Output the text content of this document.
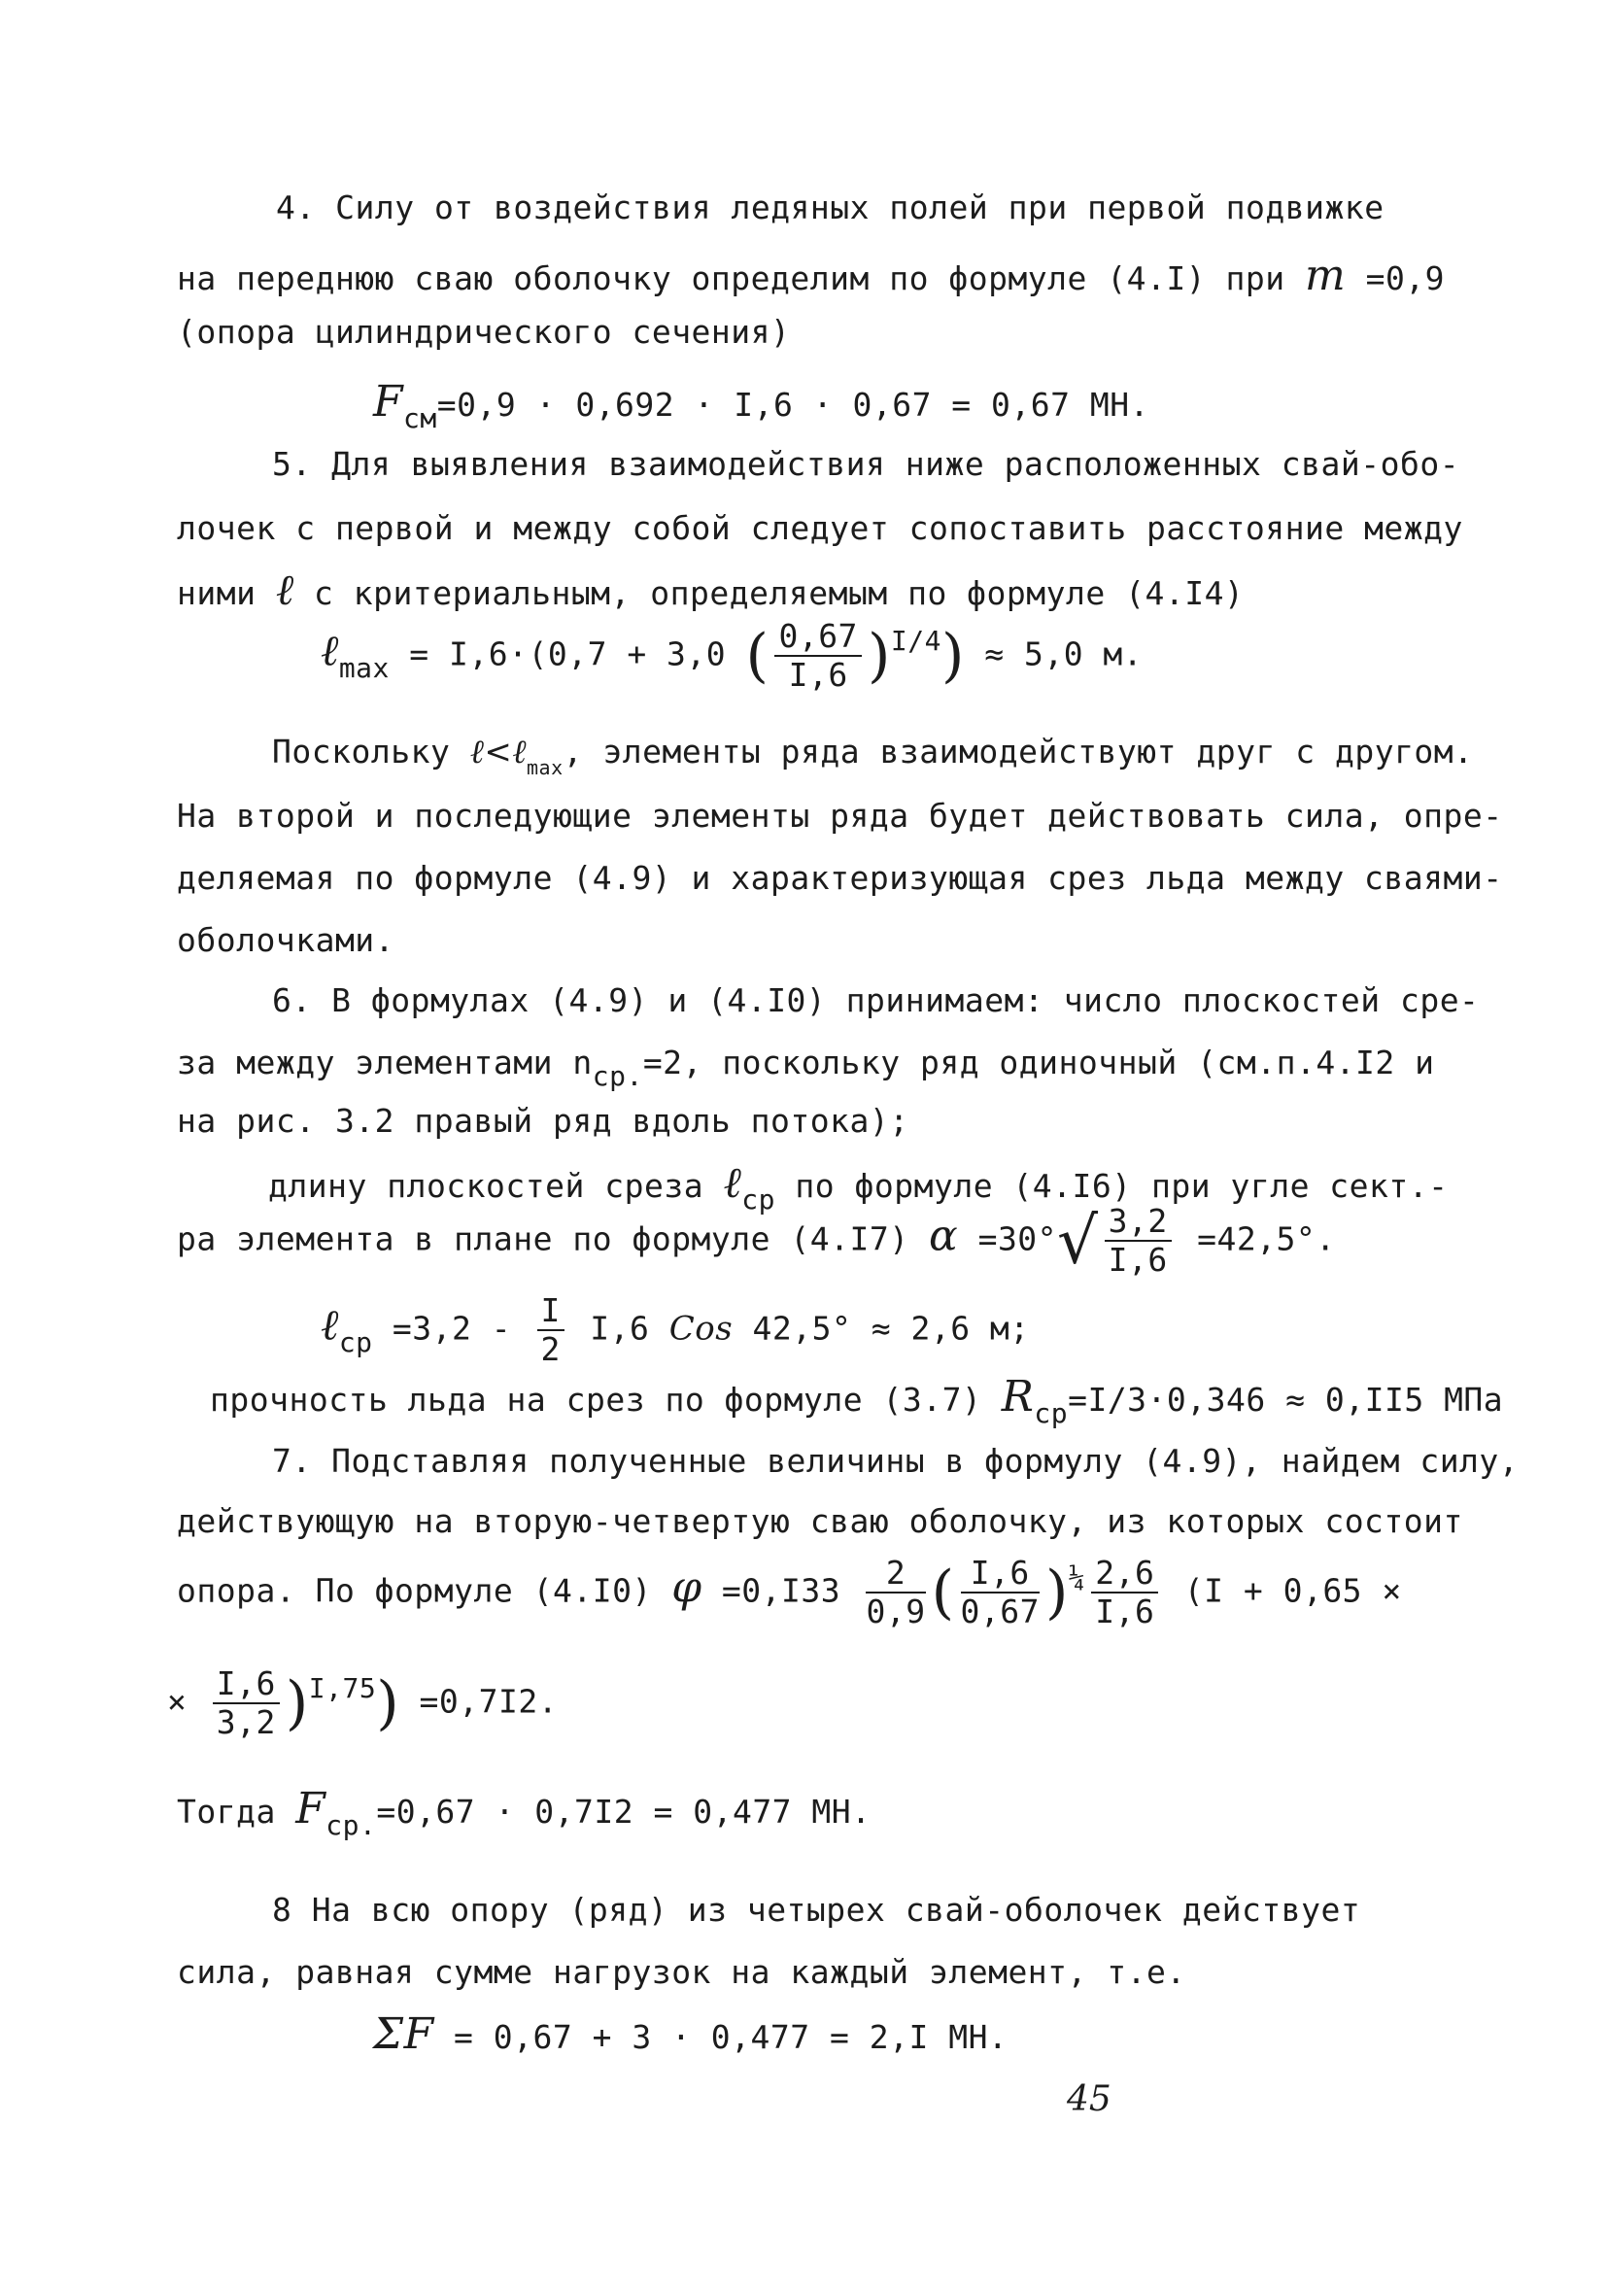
4. Силу от воздействия ледяных полей при первой подвижке
на переднюю сваю оболочку определим по формуле (4.I) при m =0,9
(опора цилиндрического сечения)
$F_{см}=0,9 \cdot 0,692 \cdot I,6 \cdot 0,67 = 0,67$ МН.
5. Для выявления взаимодействия ниже расположенных свай-обо-
лочек с первой и между собой следует сопоставить расстояние между
ними ℓ с критериальным, определяемым по формуле (4.I4)
ℓ$_{max}$ = I,6·(0,7 + 3,0 ( $\frac{0,67}{I,6} )^{I/4}) \approx 5,0$ м.
Поскольку ℓ<ℓ$_{max}$, элементы ряда взаимодействуют друг с другом.
На второй и последующие элементы ряда будет действовать сила, опре-
деляемая по формуле (4.9) и характеризующая срез льда между сваями-
оболочками.
6. В формулах (4.9) и (4.I0) принимаем: число плоскостей сре-
за между элементами $n_{ср.}=2$, поскольку ряд одиночный (см.п.4.I2 и
на рис. 3.2 правый ряд вдоль потока);
длину плоскостей среза ℓ$_{ср}$ по формуле (4.I6) при угле сект.-
ра элемента в плане по формуле (4.I7) $\alpha =30^\circ√ \frac{3,2}{I,6} =42,5^\circ$.
ℓ$_{ср}$ $=3,2 - \frac{I}{2} I,6$ Cos 42,5° ≈ 2,6 м;
прочность льда на срез по формуле (3.7) $R_{ср}=I/3\cdot 0,346 \approx 0,II5$ МПа
7. Подставляя полученные величины в формулу (4.9), найдем силу,
действующую на вторую-четвертую сваю оболочку, из которых состоит
опора. По формуле (4.I0) $\varphi =0,I33 \frac{2}{0,9}$ ( $\frac{I,6}{0,67} )^{\frac{1}{4}} \frac{2,6}{I,6} (I + 0,65$ ×
× $\frac{I,6}{3,2} )^{I,75}) =0,7I2$.
Тогда $F_{ср.}=0,67 \cdot 0,7I2 = 0,477$ МН.
8 На всю опору (ряд) из четырех свай-оболочек действует
сила, равная сумме нагрузок на каждый элемент, т.е.
ΣF = 0,67 + 3 · 0,477 = 2,I МН.
45
